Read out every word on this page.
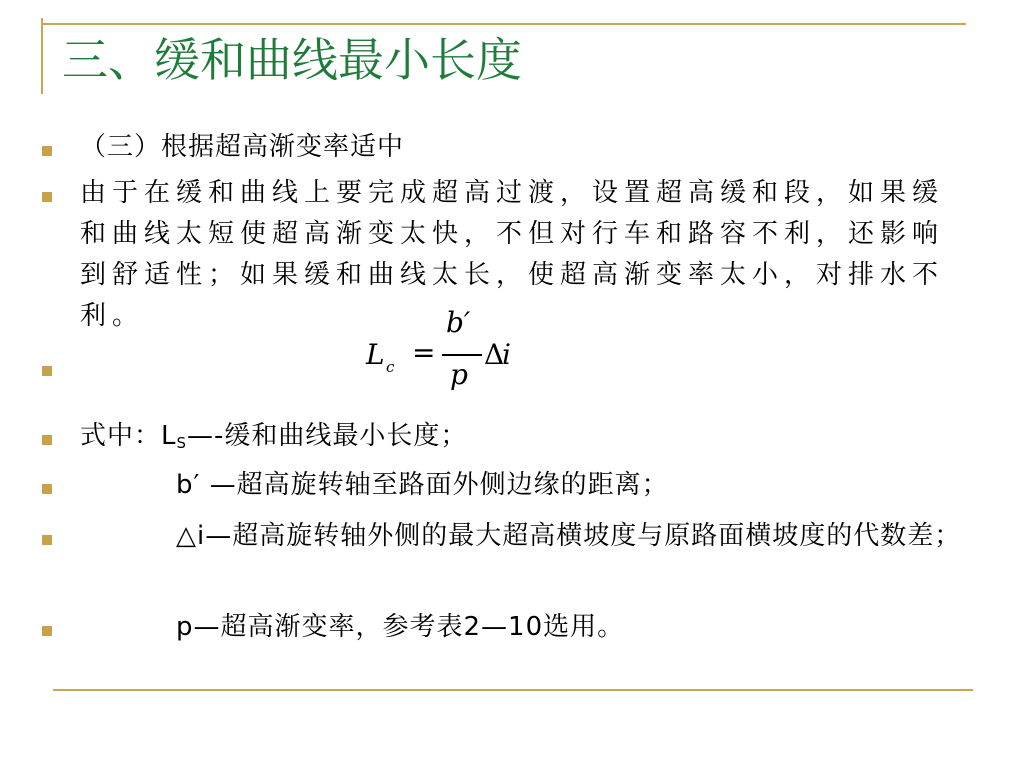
三、缓和曲线最小长度

（三）根据超高渐变率适中

由于在缓和曲线上要完成超高过渡，设置超高缓和段，如果缓和曲线太短使超高渐变太快，不但对行车和路容不利，还影响到舒适性；如果缓和曲线太长，使超高渐变率太小，对排水不利。

L c =
b′
p
Δ
i

式中：$L_S—-$缓和曲线最小长度；

b′ —超高旋转轴至路面外侧边缘的距离；

△i—超高旋转轴外侧的最大超高横坡度与原路面横坡度的代数差；

p—超高渐变率，参考表2—10选用。
